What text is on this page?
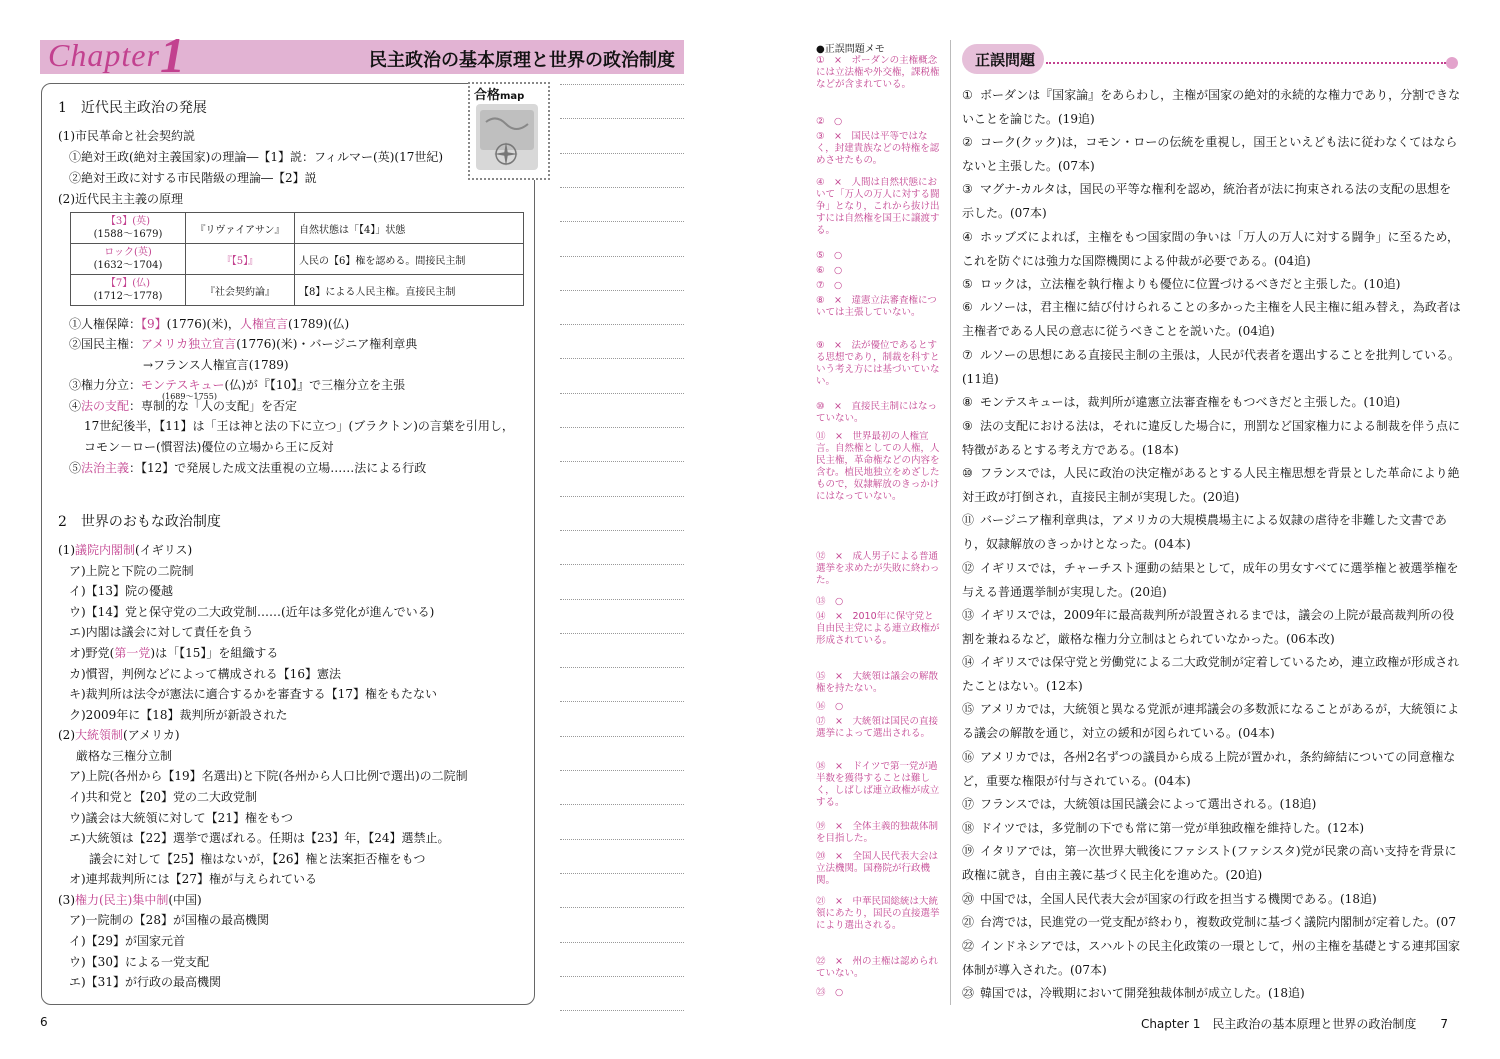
Chapter 1	民主政治の基本原理と世界の政治制度
合格map
1　近代民主政治の発展
(1)市民革命と社会契約説
①絶対王政(絶対主義国家)の理論―【1】説：フィルマー(英)(17世紀)
②絶対王政に対する市民階級の理論―【2】説
(2)近代民主主義の原理
【3】(英)
(1588～1679)	『リヴァイアサン』	自然状態は「【4】」状態
ロック(英)
(1632～1704)	『【5】』	人民の【6】権を認める。間接民主制
【7】(仏)
(1712～1778)	『社会契約論』	【8】による人民主権。直接民主制
①人権保障：【9】(1776)(米)，人権宣言(1789)(仏)
②国民主権：アメリカ独立宣言(1776)(米)・バージニア権利章典
→フランス人権宣言(1789)
③権力分立：モンテスキュー(仏)が『【10】』で三権分立を主張
(1689～1755)
④法の支配：専制的な「人の支配」を否定
17世紀後半，【11】は「王は神と法の下に立つ」(ブラクトン)の言葉を引用し，
コモン－ロー(慣習法)優位の立場から王に反対
⑤法治主義：【12】で発展した成文法重視の立場……法による行政
2　世界のおもな政治制度
(1)議院内閣制(イギリス)
ア)上院と下院の二院制
イ)【13】院の優越
ウ)【14】党と保守党の二大政党制……(近年は多党化が進んでいる)
エ)内閣は議会に対して責任を負う
オ)野党(第一党)は「【15】」を組織する
カ)慣習，判例などによって構成される【16】憲法
キ)裁判所は法令が憲法に適合するかを審査する【17】権をもたない
ク)2009年に【18】裁判所が新設された
(2)大統領制(アメリカ)
厳格な三権分立制
ア)上院(各州から【19】名選出)と下院(各州から人口比例で選出)の二院制
イ)共和党と【20】党の二大政党制
ウ)議会は大統領に対して【21】権をもつ
エ)大統領は【22】選挙で選ばれる。任期は【23】年，【24】選禁止。
議会に対して【25】権はないが，【26】権と法案拒否権をもつ
オ)連邦裁判所には【27】権が与えられている
(3)権力(民主)集中制(中国)
ア)一院制の【28】が国権の最高機関
イ)【29】が国家元首
ウ)【30】による一党支配
エ)【31】が行政の最高機関
●正誤問題メモ
①　×　ボーダンの主権概念には立法権や外交権，課税権などが含まれている。
②　○
③　×　国民は平等ではなく，封建貴族などの特権を認めさせたもの。
④　×　人間は自然状態において「万人の万人に対する闘争」となり，これから抜け出すには自然権を国王に譲渡する。
⑤　○
⑥　○
⑦　○
⑧　×　違憲立法審査権については主張していない。
⑨　×　法が優位であるとする思想であり，制裁を科すという考え方には基づいていない。
⑩　×　直接民主制にはなっていない。
⑪　×　世界最初の人権宣言。自然権としての人権，人民主権，革命権などの内容を含む。植民地独立をめざしたもので，奴隷解放のきっかけにはなっていない。
⑫　×　成人男子による普通選挙を求めたが失敗に終わった。
⑬　○
⑭　×　2010年に保守党と自由民主党による連立政権が形成されている。
⑮　×　大統領は議会の解散権を持たない。
⑯　○
⑰　×　大統領は国民の直接選挙によって選出される。
⑱　×　ドイツで第一党が過半数を獲得することは難しく，しばしば連立政権が成立する。
⑲　×　全体主義的独裁体制を目指した。
⑳　×　全国人民代表大会は立法機関。国務院が行政機関。
㉑　×　中華民国総統は大統領にあたり，国民の直接選挙により選出される。
㉒　×　州の主権は認められていない。
㉓　○
正誤問題
① ボーダンは『国家論』をあらわし，主権が国家の絶対的永続的な権力であり，分割できないことを論じた。(19追)
② コーク(クック)は，コモン・ローの伝統を重視し，国王といえども法に従わなくてはならないと主張した。(07本)
③ マグナ‐カルタは，国民の平等な権利を認め，統治者が法に拘束される法の支配の思想を示した。(07本)
④ ホッブズによれば，主権をもつ国家間の争いは「万人の万人に対する闘争」に至るため，これを防ぐには強力な国際機関による仲裁が必要である。(04追)
⑤ ロックは，立法権を執行権よりも優位に位置づけるべきだと主張した。(10追)
⑥ ルソーは，君主権に結び付けられることの多かった主権を人民主権に組み替え，為政者は主権者である人民の意志に従うべきことを説いた。(04追)
⑦ ルソーの思想にある直接民主制の主張は，人民が代表者を選出することを批判している。(11追)
⑧ モンテスキューは，裁判所が違憲立法審査権をもつべきだと主張した。(10追)
⑨ 法の支配における法は，それに違反した場合に，刑罰など国家権力による制裁を伴う点に特徴があるとする考え方である。(18本)
⑩ フランスでは，人民に政治の決定権があるとする人民主権思想を背景とした革命により絶対王政が打倒され，直接民主制が実現した。(20追)
⑪ バージニア権利章典は，アメリカの大規模農場主による奴隷の虐待を非難した文書であり，奴隷解放のきっかけとなった。(04本)
⑫ イギリスでは，チャーチスト運動の結果として，成年の男女すべてに選挙権と被選挙権を与える普通選挙制が実現した。(20追)
⑬ イギリスでは，2009年に最高裁判所が設置されるまでは，議会の上院が最高裁判所の役割を兼ねるなど，厳格な権力分立制はとられていなかった。(06本改)
⑭ イギリスでは保守党と労働党による二大政党制が定着しているため，連立政権が形成されたことはない。(12本)
⑮ アメリカでは，大統領と異なる党派が連邦議会の多数派になることがあるが，大統領による議会の解散を通じ，対立の緩和が図られている。(04本)
⑯ アメリカでは，各州2名ずつの議員から成る上院が置かれ，条約締結についての同意権など，重要な権限が付与されている。(04本)
⑰ フランスでは，大統領は国民議会によって選出される。(18追)
⑱ ドイツでは，多党制の下でも常に第一党が単独政権を維持した。(12本)
⑲ イタリアでは，第一次世界大戦後にファシスト(ファシスタ)党が民衆の高い支持を背景に政権に就き，自由主義に基づく民主化を進めた。(20追)
⑳ 中国では，全国人民代表大会が国家の行政を担当する機関である。(18追)
㉑ 台湾では，民進党の一党支配が終わり，複数政党制に基づく議院内閣制が定着した。(07
㉒ インドネシアでは，スハルトの民主化政策の一環として，州の主権を基礎とする連邦国家体制が導入された。(07本)
㉓ 韓国では，冷戦期において開発独裁体制が成立した。(18追)
6	Chapter 1　民主政治の基本原理と世界の政治制度　　7
